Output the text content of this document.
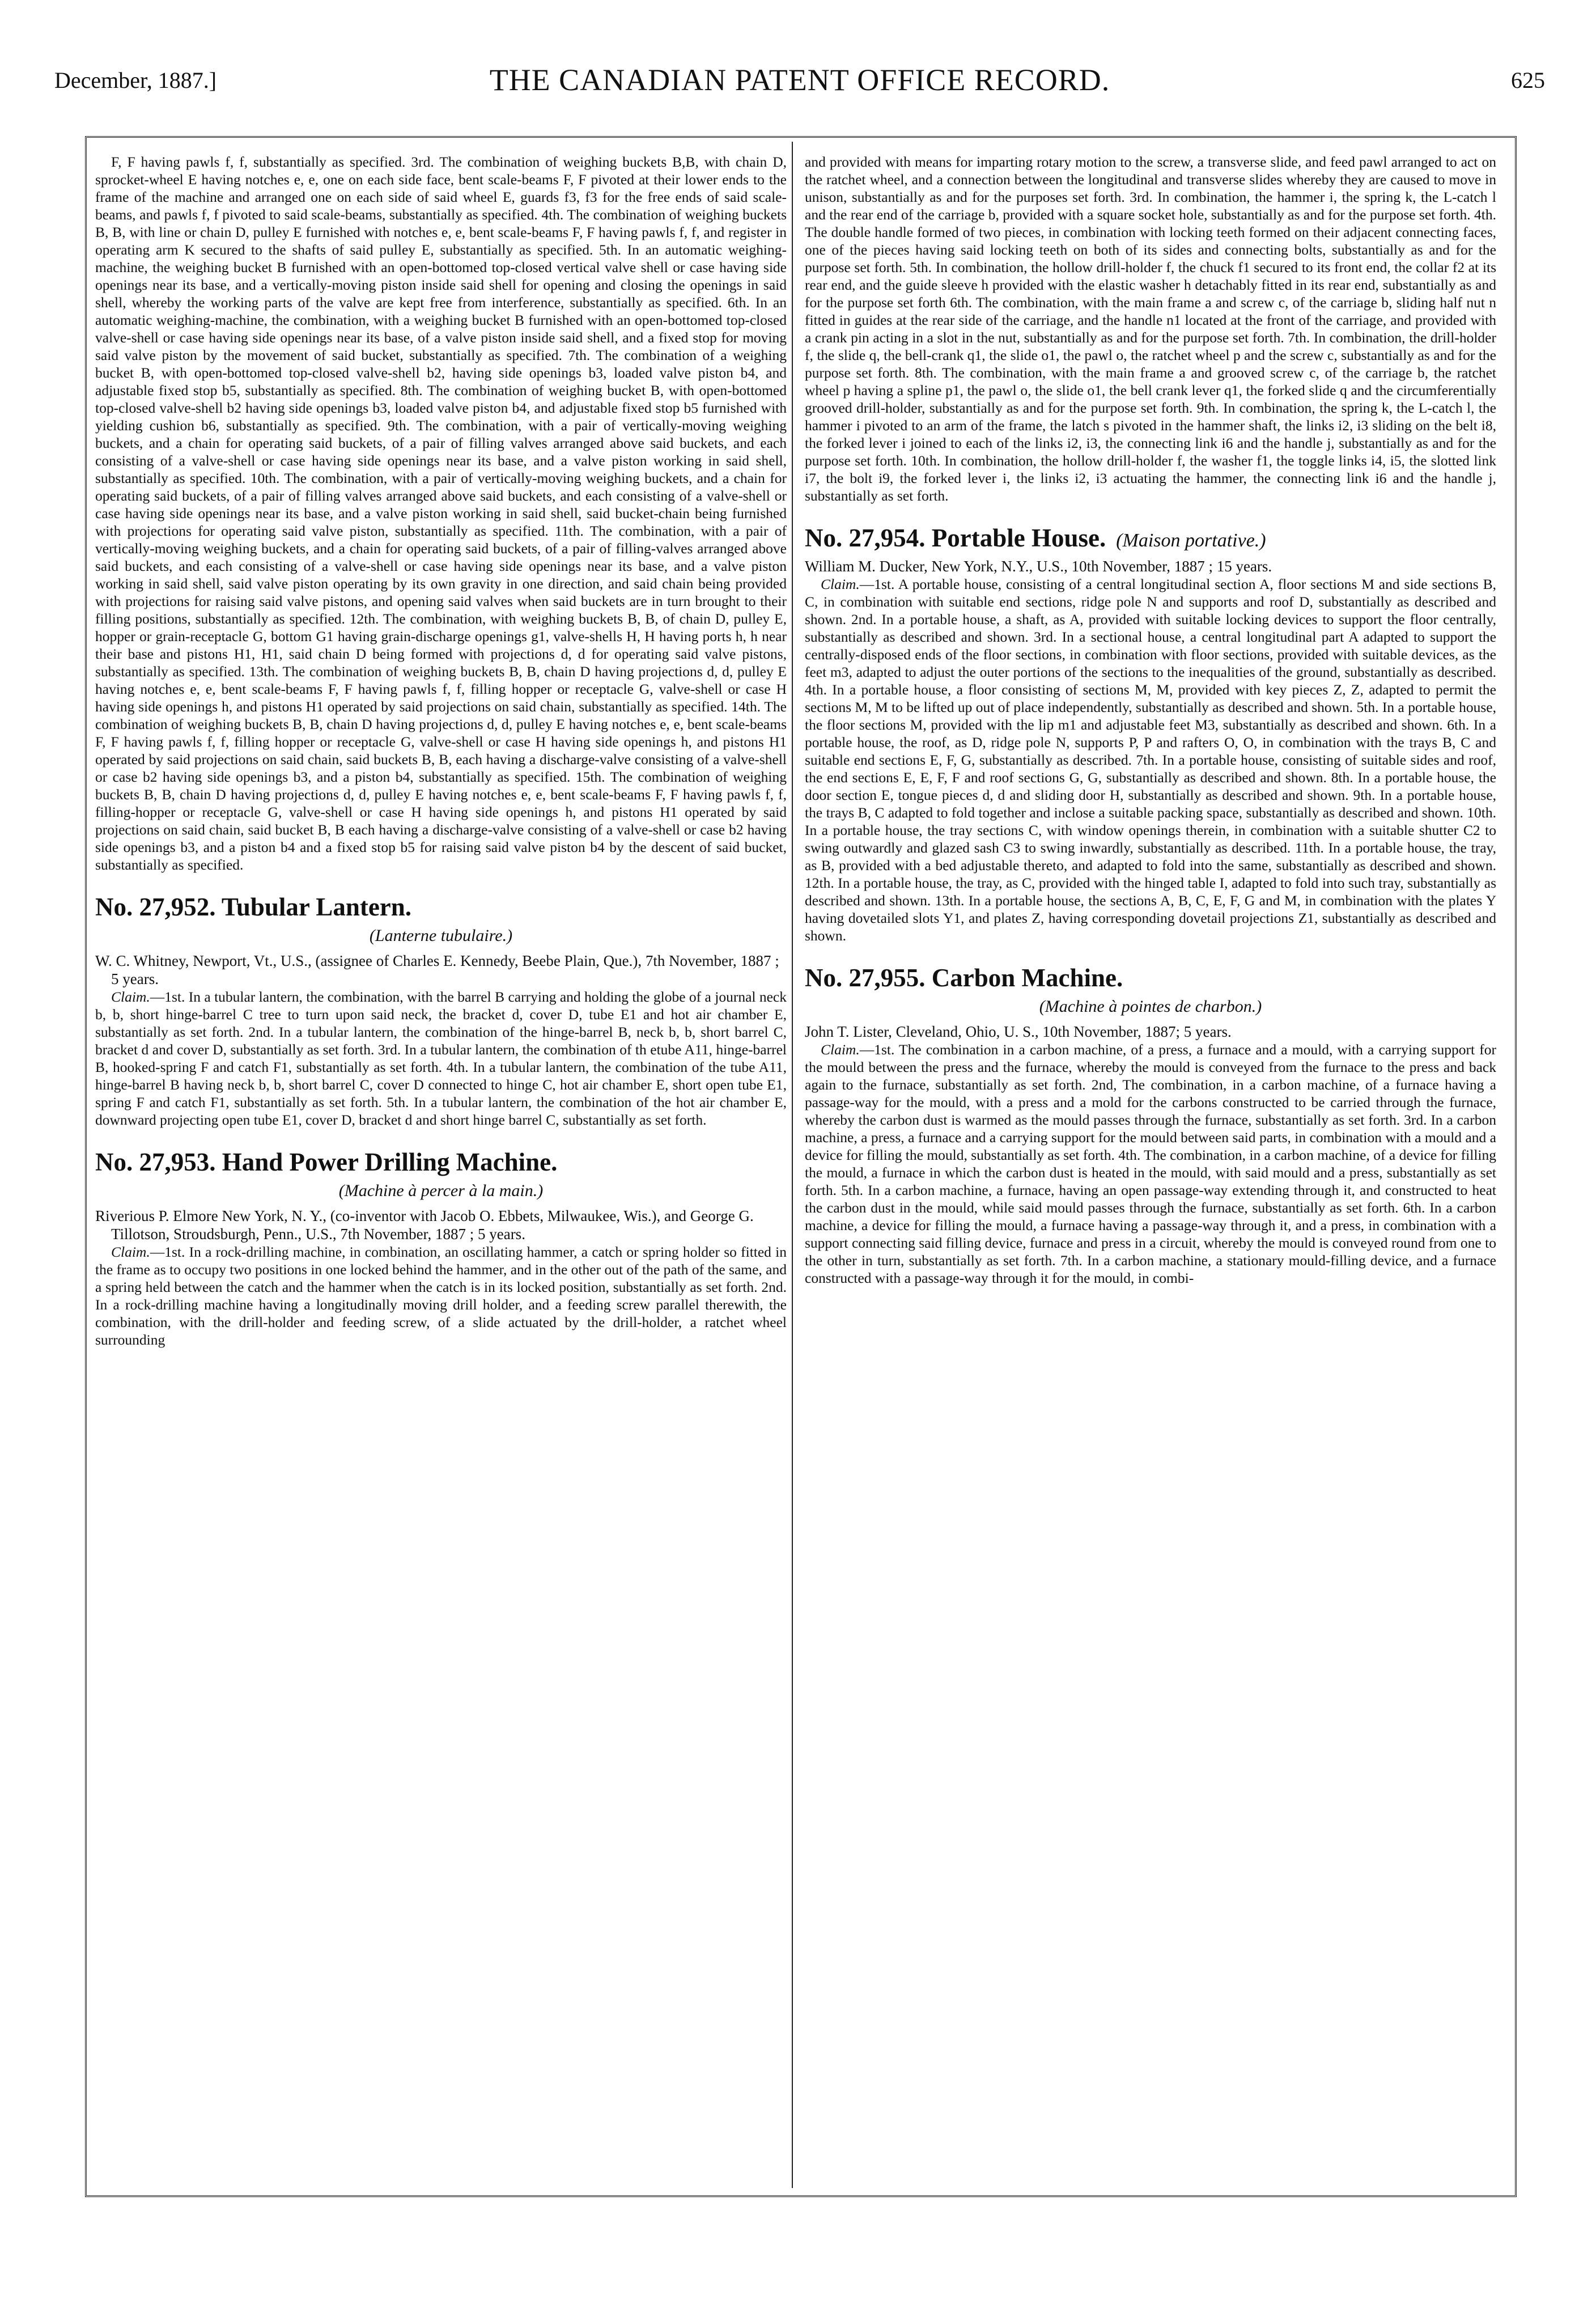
December, 1887.]	THE CANADIAN PATENT OFFICE RECORD.	625

F, F having pawls f, f, substantially as specified. 3rd. The combination of weighing buckets B,B, with chain D, sprocket-wheel E having notches e, e, one on each side face, bent scale-beams F, F pivoted at their lower ends to the frame of the machine and arranged one on each side of said wheel E, guards f3, f3 for the free ends of said scale-beams, and pawls f, f pivoted to said scale-beams, substantially as specified. 4th. The combination of weighing buckets B, B, with line or chain D, pulley E furnished with notches e, e, bent scale-beams F, F having pawls f, f, and register in operating arm K secured to the shafts of said pulley E, substantially as specified. 5th. In an automatic weighing-machine, the weighing bucket B furnished with an open-bottomed top-closed vertical valve shell or case having side openings near its base, and a vertically-moving piston inside said shell for opening and closing the openings in said shell, whereby the working parts of the valve are kept free from interference, substantially as specified. 6th. In an automatic weighing-machine, the combination, with a weighing bucket B furnished with an open-bottomed top-closed valve-shell or case having side openings near its base, of a valve piston inside said shell, and a fixed stop for moving said valve piston by the movement of said bucket, substantially as specified. 7th. The combination of a weighing bucket B, with open-bottomed top-closed valve-shell b2, having side openings b3, loaded valve piston b4, and adjustable fixed stop b5, substantially as specified. 8th. The combination of weighing bucket B, with open-bottomed top-closed valve-shell b2 having side openings b3, loaded valve piston b4, and adjustable fixed stop b5 furnished with yielding cushion b6, substantially as specified. 9th. The combination, with a pair of vertically-moving weighing buckets, and a chain for operating said buckets, of a pair of filling valves arranged above said buckets, and each consisting of a valve-shell or case having side openings near its base, and a valve piston working in said shell, substantially as specified. 10th. The combination, with a pair of vertically-moving weighing buckets, and a chain for operating said buckets, of a pair of filling valves arranged above said buckets, and each consisting of a valve-shell or case having side openings near its base, and a valve piston working in said shell, said bucket-chain being furnished with projections for operating said valve piston, substantially as specified. 11th. The combination, with a pair of vertically-moving weighing buckets, and a chain for operating said buckets, of a pair of filling-valves arranged above said buckets, and each consisting of a valve-shell or case having side openings near its base, and a valve piston working in said shell, said valve piston operating by its own gravity in one direction, and said chain being provided with projections for raising said valve pistons, and opening said valves when said buckets are in turn brought to their filling positions, substantially as specified. 12th. The combination, with weighing buckets B, B, of chain D, pulley E, hopper or grain-receptacle G, bottom G1 having grain-discharge openings g1, valve-shells H, H having ports h, h near their base and pistons H1, H1, said chain D being formed with projections d, d for operating said valve pistons, substantially as specified. 13th. The combination of weighing buckets B, B, chain D having projections d, d, pulley E having notches e, e, bent scale-beams F, F having pawls f, f, filling hopper or receptacle G, valve-shell or case H having side openings h, and pistons H1 operated by said projections on said chain, substantially as specified. 14th. The combination of weighing buckets B, B, chain D having projections d, d, pulley E having notches e, e, bent scale-beams F, F having pawls f, f, filling hopper or receptacle G, valve-shell or case H having side openings h, and pistons H1 operated by said projections on said chain, said buckets B, B, each having a discharge-valve consisting of a valve-shell or case b2 having side openings b3, and a piston b4, substantially as specified. 15th. The combination of weighing buckets B, B, chain D having projections d, d, pulley E having notches e, e, bent scale-beams F, F having pawls f, f, filling-hopper or receptacle G, valve-shell or case H having side openings h, and pistons H1 operated by said projections on said chain, said bucket B, B each having a discharge-valve consisting of a valve-shell or case b2 having side openings b3, and a piston b4 and a fixed stop b5 for raising said valve piston b4 by the descent of said bucket, substantially as specified.

No. 27,952. Tubular Lantern.
(Lanterne tubulaire.)

W. C. Whitney, Newport, Vt., U.S., (assignee of Charles E. Kennedy, Beebe Plain, Que.), 7th November, 1887 ; 5 years.

Claim.—1st. In a tubular lantern, the combination, with the barrel B carrying and holding the globe of a journal neck b, b, short hinge-barrel C tree to turn upon said neck, the bracket d, cover D, tube E1 and hot air chamber E, substantially as set forth. 2nd. In a tubular lantern, the combination of the hinge-barrel B, neck b, b, short barrel C, bracket d and cover D, substantially as set forth. 3rd. In a tubular lantern, the combination of th etube A11, hinge-barrel B, hooked-spring F and catch F1, substantially as set forth. 4th. In a tubular lantern, the combination of the tube A11, hinge-barrel B having neck b, b, short barrel C, cover D connected to hinge C, hot air chamber E, short open tube E1, spring F and catch F1, substantially as set forth. 5th. In a tubular lantern, the combination of the hot air chamber E, downward projecting open tube E1, cover D, bracket d and short hinge barrel C, substantially as set forth.

No. 27,953. Hand Power Drilling Machine.
(Machine à percer à la main.)

Riverious P. Elmore New York, N. Y., (co-inventor with Jacob O. Ebbets, Milwaukee, Wis.), and George G. Tillotson, Stroudsburgh, Penn., U.S., 7th November, 1887 ; 5 years.

Claim.—1st. In a rock-drilling machine, in combination, an oscillating hammer, a catch or spring holder so fitted in the frame as to occupy two positions in one locked behind the hammer, and in the other out of the path of the same, and a spring held between the catch and the hammer when the catch is in its locked position, substantially as set forth. 2nd. In a rock-drilling machine having a longitudinally moving drill holder, and a feeding screw parallel therewith, the combination, with the drill-holder and feeding screw, of a slide actuated by the drill-holder, a ratchet wheel surrounding

and provided with means for imparting rotary motion to the screw, a transverse slide, and feed pawl arranged to act on the ratchet wheel, and a connection between the longitudinal and transverse slides whereby they are caused to move in unison, substantially as and for the purposes set forth. 3rd. In combination, the hammer i, the spring k, the L-catch l and the rear end of the carriage b, provided with a square socket hole, substantially as and for the purpose set forth. 4th. The double handle formed of two pieces, in combination with locking teeth formed on their adjacent connecting faces, one of the pieces having said locking teeth on both of its sides and connecting bolts, substantially as and for the purpose set forth. 5th. In combination, the hollow drill-holder f, the chuck f1 secured to its front end, the collar f2 at its rear end, and the guide sleeve h provided with the elastic washer h detachably fitted in its rear end, substantially as and for the purpose set forth 6th. The combination, with the main frame a and screw c, of the carriage b, sliding half nut n fitted in guides at the rear side of the carriage, and the handle n1 located at the front of the carriage, and provided with a crank pin acting in a slot in the nut, substantially as and for the purpose set forth. 7th. In combination, the drill-holder f, the slide q, the bell-crank q1, the slide o1, the pawl o, the ratchet wheel p and the screw c, substantially as and for the purpose set forth. 8th. The combination, with the main frame a and grooved screw c, of the carriage b, the ratchet wheel p having a spline p1, the pawl o, the slide o1, the bell crank lever q1, the forked slide q and the circumferentially grooved drill-holder, substantially as and for the purpose set forth. 9th. In combination, the spring k, the L-catch l, the hammer i pivoted to an arm of the frame, the latch s pivoted in the hammer shaft, the links i2, i3 sliding on the belt i8, the forked lever i joined to each of the links i2, i3, the connecting link i6 and the handle j, substantially as and for the purpose set forth. 10th. In combination, the hollow drill-holder f, the washer f1, the toggle links i4, i5, the slotted link i7, the bolt i9, the forked lever i, the links i2, i3 actuating the hammer, the connecting link i6 and the handle j, substantially as set forth.

No. 27,954. Portable House. (Maison portative.)

William M. Ducker, New York, N.Y., U.S., 10th November, 1887 ; 15 years.

Claim.—1st. A portable house, consisting of a central longitudinal section A, floor sections M and side sections B, C, in combination with suitable end sections, ridge pole N and supports and roof D, substantially as described and shown. 2nd. In a portable house, a shaft, as A, provided with suitable locking devices to support the floor centrally, substantially as described and shown. 3rd. In a sectional house, a central longitudinal part A adapted to support the centrally-disposed ends of the floor sections, in combination with floor sections, provided with suitable devices, as the feet m3, adapted to adjust the outer portions of the sections to the inequalities of the ground, substantially as described. 4th. In a portable house, a floor consisting of sections M, M, provided with key pieces Z, Z, adapted to permit the sections M, M to be lifted up out of place independently, substantially as described and shown. 5th. In a portable house, the floor sections M, provided with the lip m1 and adjustable feet M3, substantially as described and shown. 6th. In a portable house, the roof, as D, ridge pole N, supports P, P and rafters O, O, in combination with the trays B, C and suitable end sections E, F, G, substantially as described. 7th. In a portable house, consisting of suitable sides and roof, the end sections E, E, F, F and roof sections G, G, substantially as described and shown. 8th. In a portable house, the door section E, tongue pieces d, d and sliding door H, substantially as described and shown. 9th. In a portable house, the trays B, C adapted to fold together and inclose a suitable packing space, substantially as described and shown. 10th. In a portable house, the tray sections C, with window openings therein, in combination with a suitable shutter C2 to swing outwardly and glazed sash C3 to swing inwardly, substantially as described. 11th. In a portable house, the tray, as B, provided with a bed adjustable thereto, and adapted to fold into the same, substantially as described and shown. 12th. In a portable house, the tray, as C, provided with the hinged table I, adapted to fold into such tray, substantially as described and shown. 13th. In a portable house, the sections A, B, C, E, F, G and M, in combination with the plates Y having dovetailed slots Y1, and plates Z, having corresponding dovetail projections Z1, substantially as described and shown.

No. 27,955. Carbon Machine.
(Machine à pointes de charbon.)

John T. Lister, Cleveland, Ohio, U. S., 10th November, 1887; 5 years.

Claim.—1st. The combination in a carbon machine, of a press, a furnace and a mould, with a carrying support for the mould between the press and the furnace, whereby the mould is conveyed from the furnace to the press and back again to the furnace, substantially as set forth. 2nd, The combination, in a carbon machine, of a furnace having a passage-way for the mould, with a press and a mold for the carbons constructed to be carried through the furnace, whereby the carbon dust is warmed as the mould passes through the furnace, substantially as set forth. 3rd. In a carbon machine, a press, a furnace and a carrying support for the mould between said parts, in combination with a mould and a device for filling the mould, substantially as set forth. 4th. The combination, in a carbon machine, of a device for filling the mould, a furnace in which the carbon dust is heated in the mould, with said mould and a press, substantially as set forth. 5th. In a carbon machine, a furnace, having an open passage-way extending through it, and constructed to heat the carbon dust in the mould, while said mould passes through the furnace, substantially as set forth. 6th. In a carbon machine, a device for filling the mould, a furnace having a passage-way through it, and a press, in combination with a support connecting said filling device, furnace and press in a circuit, whereby the mould is conveyed round from one to the other in turn, substantially as set forth. 7th. In a carbon machine, a stationary mould-filling device, and a furnace constructed with a passage-way through it for the mould, in combi-
